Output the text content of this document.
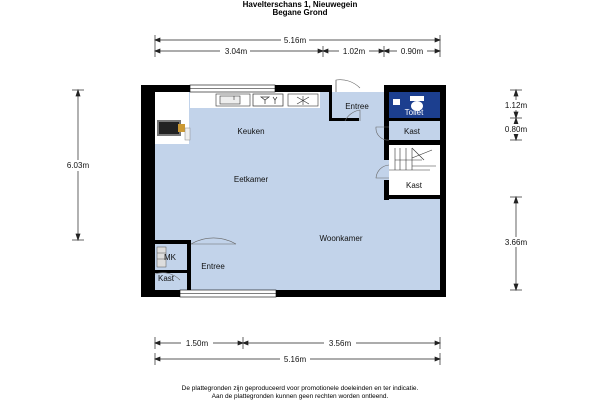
Havelterschans 1, Nieuwegein
Begane Grond
5.16m
3.04m	1.02m	0.90m
6.03m
1.12m
0.80m
3.66m
1.50m	3.56m
5.16m
Entree
Toilet
Kast
Kast
Keuken
Eetkamer
Woonkamer
MK
Kast
Entree
De plattegronden zijn geproduceerd voor promotionele doeleinden en ter indicatie.
Aan de plattegronden kunnen geen rechten worden ontleend.
